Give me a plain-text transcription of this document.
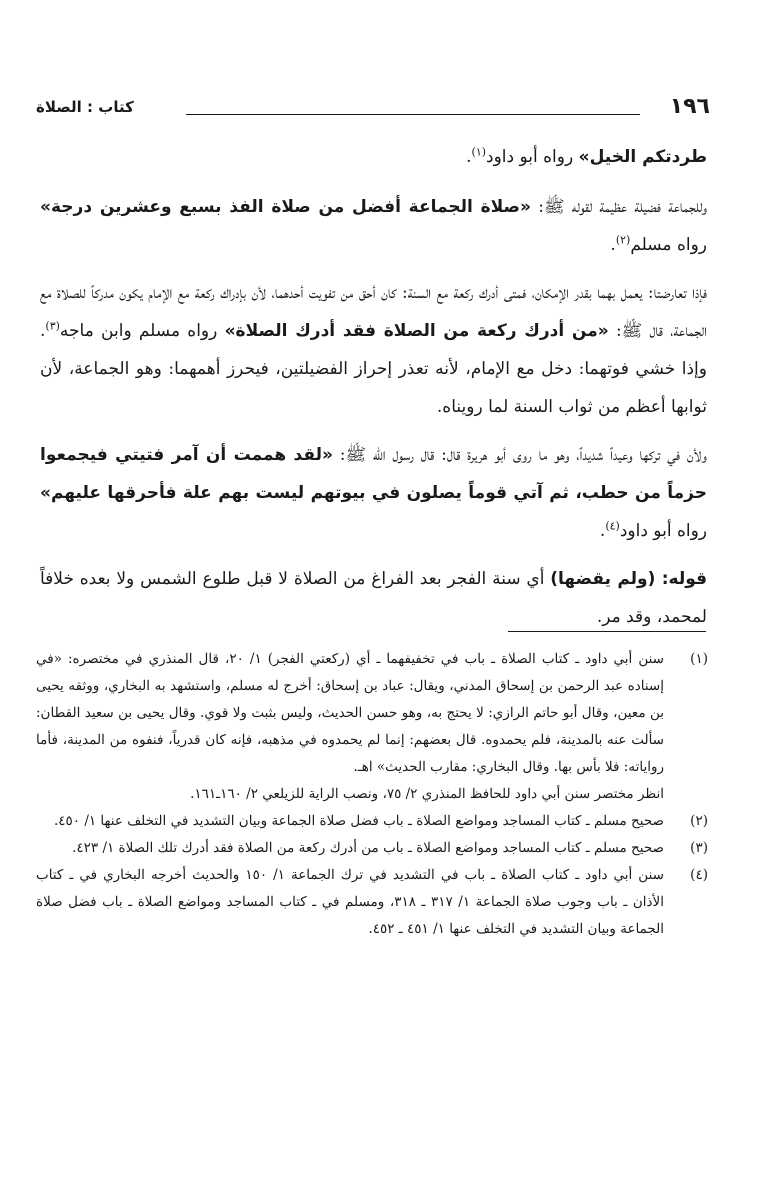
١٩٦
كتاب : الصلاة

طردتكم الخيل» رواه أبو داود$^{(١)}$.

وللجماعة فضيلة عظيمة لقوله ﷺ: «صلاة الجماعة أفضل من صلاة الفذ بسبع وعشرين درجة» رواه مسلم$^{(٢)}$.

فإذا تعارضتا: يعمل بهما بقدر الإمكان، فمتى أدرك ركعة مع السنة: كان أحق من تفويت أحدهما، لأن بإدراك ركعة مع الإمام يكون مدركاً للصلاة مع الجماعة، قال ﷺ: «من أدرك ركعة من الصلاة فقد أدرك الصلاة» رواه مسلم وابن ماجه$^{(٣)}$. وإذا خشي فوتهما: دخل مع الإمام، لأنه تعذر إحراز الفضيلتين، فيحرز أهمهما: وهو الجماعة، لأن ثوابها أعظم من ثواب السنة لما رويناه.

ولأن في تركها وعيداً شديداً، وهو ما روى أبو هريرة قال: قال رسول الله ﷺ: «لقد هممت أن آمر فتيتي فيجمعوا حزماً من حطب، ثم آتي قوماً يصلون في بيوتهم ليست بهم علة فأحرقها عليهم» رواه أبو داود$^{(٤)}$.

قوله: (ولم يقضها) أي سنة الفجر بعد الفراغ من الصلاة لا قبل طلوع الشمس ولا بعده خلافاً لمحمد، وقد مر.

(١)
سنن أبي داود ـ كتاب الصلاة ـ باب في تخفيفهما ـ أي (ركعتي الفجر) ١/ ٢٠، قال المنذري في مختصره: «في إسناده عبد الرحمن بن إسحاق المدني، ويقال: عباد بن إسحاق: أخرج له مسلم، واستشهد به البخاري، ووثقه يحيى بن معين، وقال أبو حاتم الرازي: لا يحتج به، وهو حسن الحديث، وليس بثبت ولا قوي. وقال يحيى بن سعيد القطان: سألت عنه بالمدينة، فلم يحمدوه. قال بعضهم: إنما لم يحمدوه في مذهبه، فإنه كان قدرياً، فنفوه من المدينة، فأما رواياته: فلا بأس بها. وقال البخاري: مقارب الحديث» اهـ.
انظر مختصر سنن أبي داود للحافظ المنذري ٢/ ٧٥، ونصب الراية للزيلعي ٢/ ١٦٠ـ١٦١.
(٢)
صحيح مسلم ـ كتاب المساجد ومواضع الصلاة ـ باب فضل صلاة الجماعة وبيان التشديد في التخلف عنها ١/ ٤٥٠.
(٣)
صحيح مسلم ـ كتاب المساجد ومواضع الصلاة ـ باب من أدرك ركعة من الصلاة فقد أدرك تلك الصلاة ١/ ٤٢٣.
(٤)
سنن أبي داود ـ كتاب الصلاة ـ باب في التشديد في ترك الجماعة ١/ ١٥٠ والحديث أخرجه البخاري في ـ كتاب الأذان ـ باب وجوب صلاة الجماعة ١/ ٣١٧ ـ ٣١٨، ومسلم في ـ كتاب المساجد ومواضع الصلاة ـ باب فضل صلاة الجماعة وبيان التشديد في التخلف عنها ١/ ٤٥١ ـ ٤٥٢.
